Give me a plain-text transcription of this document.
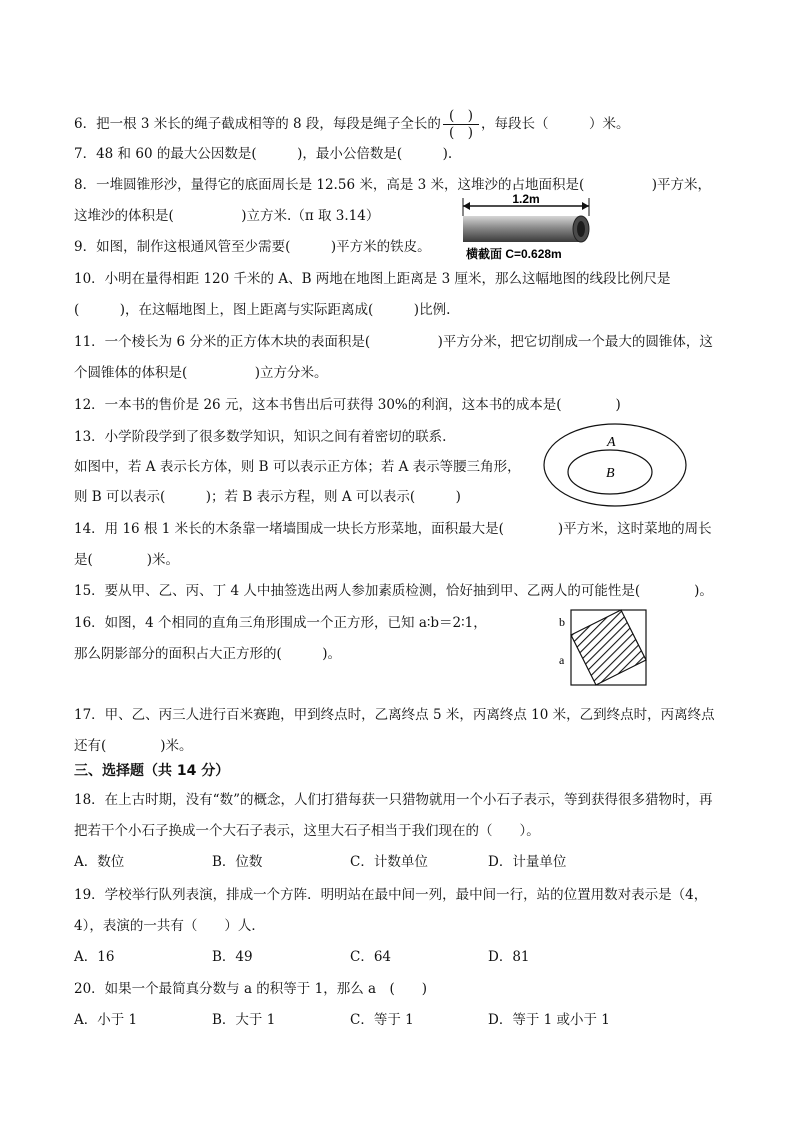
6．把一根 3 米长的绳子截成相等的 8 段，每段是绳子全长的 $\frac{( )}{( )}$ ，每段长（　　　）米。
7．48 和 60 的最大公因数是(　　　)，最小公倍数是(　　　).
8．一堆圆锥形沙，量得它的底面周长是 12.56 米，高是 3 米，这堆沙的占地面积是(　　　　　)平方米，
这堆沙的体积是(　　　　　)立方米.（π 取 3.14）
9．如图，制作这根通风管至少需要(　　　)平方米的铁皮。
10．小明在量得相距 120 千米的 A、B 两地在地图上距离是 3 厘米，那么这幅地图的线段比例尺是
(　　　)，在这幅地图上，图上距离与实际距离成(　　　)比例.
11．一个棱长为 6 分米的正方体木块的表面积是(　　　　　)平方分米，把它切削成一个最大的圆锥体，这
个圆锥体的体积是(　　　　　)立方分米。
12．一本书的售价是 26 元，这本书售出后可获得 30%的利润，这本书的成本是(　　　　)
13．小学阶段学到了很多数学知识，知识之间有着密切的联系.
如图中，若 A 表示长方体，则 B 可以表示正方体；若 A 表示等腰三角形，
则 B 可以表示(　　　)；若 B 表示方程，则 A 可以表示(　　　)
14．用 16 根 1 米长的木条靠一堵墙围成一块长方形菜地，面积最大是(　　　　)平方米，这时菜地的周长
是(　　　　)米。
15．要从甲、乙、丙、丁 4 人中抽签选出两人参加素质检测，恰好抽到甲、乙两人的可能性是(　　　　)。
16．如图，4 个相同的直角三角形围成一个正方形，已知 a∶b＝2∶1，
那么阴影部分的面积占大正方形的(　　　)。
17．甲、乙、丙三人进行百米赛跑，甲到终点时，乙离终点 5 米，丙离终点 10 米，乙到终点时，丙离终点
还有(　　　　)米。
三、选择题（共 14 分）
18．在上古时期，没有“数”的概念，人们打猎每获一只猎物就用一个小石子表示，等到获得很多猎物时，再
把若干个小石子换成一个大石子表示，这里大石子相当于我们现在的（　　）。
A．数位	B．位数	C．计数单位	D．计量单位
19．学校举行队列表演，排成一个方阵．明明站在最中间一列，最中间一行，站的位置用数对表示是（4，
4），表演的一共有（　　）人．
A．16	B．49	C．64	D．81
20．如果一个最简真分数与 a 的积等于 1，那么 a　(　　)
A．小于 1	B．大于 1	C．等于 1	D．等于 1 或小于 1
1.2m
横截面 C=0.628m
A
B
b
a
